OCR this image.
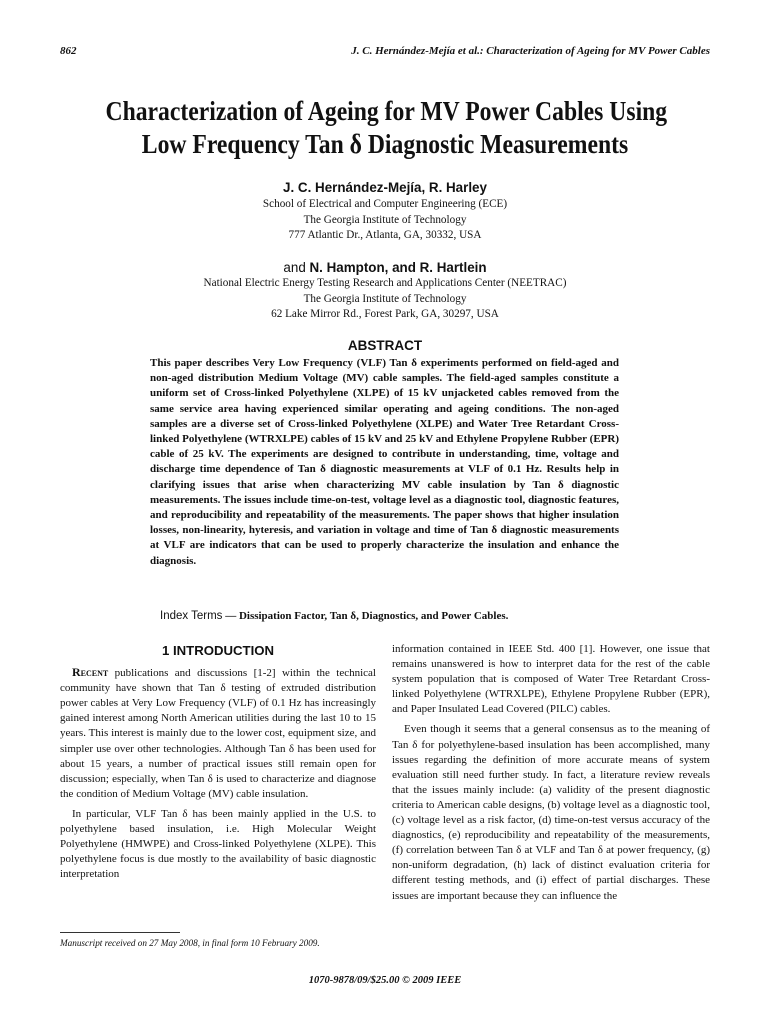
862	J. C. Hernández-Mejía et al.: Characterization of Ageing for MV Power Cables
Characterization of Ageing for MV Power Cables Using
Low Frequency Tan δ Diagnostic Measurements
J. C. Hernández-Mejía, R. Harley
School of Electrical and Computer Engineering (ECE)
The Georgia Institute of Technology
777 Atlantic Dr., Atlanta, GA, 30332, USA
and N. Hampton, and R. Hartlein
National Electric Energy Testing Research and Applications Center (NEETRAC)
The Georgia Institute of Technology
62 Lake Mirror Rd., Forest Park, GA, 30297, USA
ABSTRACT
This paper describes Very Low Frequency (VLF) Tan δ experiments performed on field-aged and non-aged distribution Medium Voltage (MV) cable samples. The field-aged samples constitute a uniform set of Cross-linked Polyethylene (XLPE) of 15 kV unjacketed cables removed from the same service area having experienced similar operating and ageing conditions. The non-aged samples are a diverse set of Cross-linked Polyethylene (XLPE) and Water Tree Retardant Cross-linked Polyethylene (WTRXLPE) cables of 15 kV and 25 kV and Ethylene Propylene Rubber (EPR) cable of 25 kV. The experiments are designed to contribute in understanding, time, voltage and discharge time dependence of Tan δ diagnostic measurements at VLF of 0.1 Hz. Results help in clarifying issues that arise when characterizing MV cable insulation by Tan δ diagnostic measurements. The issues include time-on-test, voltage level as a diagnostic tool, diagnostic features, and reproducibility and repeatability of the measurements. The paper shows that higher insulation losses, non-linearity, hyteresis, and variation in voltage and time of Tan δ diagnostic measurements at VLF are indicators that can be used to properly characterize the insulation and enhance the diagnosis.
Index Terms — Dissipation Factor, Tan δ, Diagnostics, and Power Cables.
1 INTRODUCTION

Recent publications and discussions [1-2] within the technical community have shown that Tan δ testing of extruded distribution power cables at Very Low Frequency (VLF) of 0.1 Hz has increasingly gained interest among North American utilities during the last 10 to 15 years. This interest is mainly due to the lower cost, equipment size, and simpler use over other technologies. Although Tan δ has been used for about 15 years, a number of practical issues still remain open for discussion; especially, when Tan δ is used to characterize and diagnose the condition of Medium Voltage (MV) cable insulation.

In particular, VLF Tan δ has been mainly applied in the U.S. to polyethylene based insulation, i.e. High Molecular Weight Polyethylene (HMWPE) and Cross-linked Polyethylene (XLPE). This polyethylene focus is due mostly to the availability of basic diagnostic interpretation

information contained in IEEE Std. 400 [1]. However, one issue that remains unanswered is how to interpret data for the rest of the cable system population that is composed of Water Tree Retardant Cross-linked Polyethylene (WTRXLPE), Ethylene Propylene Rubber (EPR), and Paper Insulated Lead Covered (PILC) cables.

Even though it seems that a general consensus as to the meaning of Tan δ for polyethylene-based insulation has been accomplished, many issues regarding the definition of more accurate means of system evaluation still need further study. In fact, a literature review reveals that the issues mainly include: (a) validity of the present diagnostic criteria to American cable designs, (b) voltage level as a diagnostic tool, (c) voltage level as a risk factor, (d) time-on-test versus accuracy of the diagnostics, (e) reproducibility and repeatability of the measurements, (f) correlation between Tan δ at VLF and Tan δ at power frequency, (g) non-uniform degradation, (h) lack of distinct evaluation criteria for different testing methods, and (i) effect of partial discharges. These issues are important because they can influence the

Manuscript received on 27 May 2008, in final form 10 February 2009.
1070-9878/09/$25.00 © 2009 IEEE
